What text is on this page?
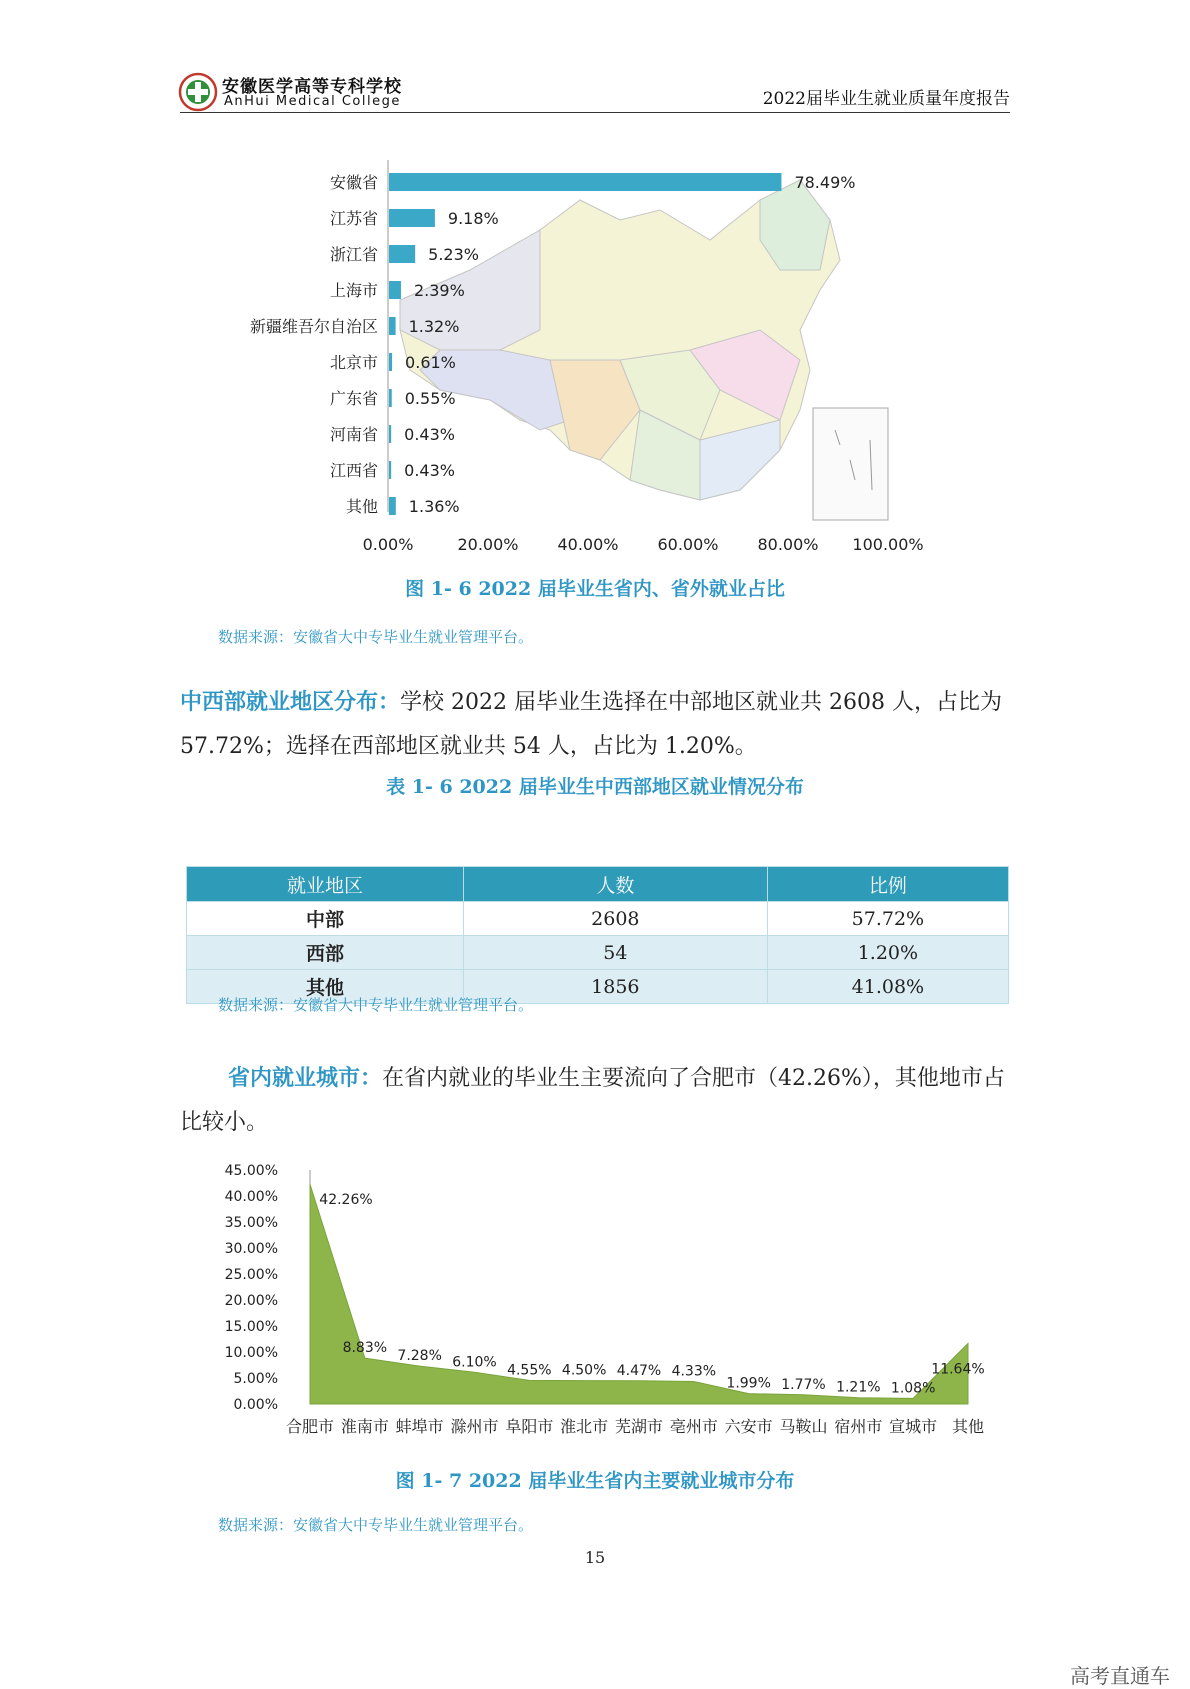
安徽医学高等专科学校
AnHui Medical College	2022届毕业生就业质量年度报告
安徽省
江苏省
浙江省
上海市
新疆维吾尔自治区
北京市
广东省
河南省
江西省
其他
78.49%
9.18%
5.23%
2.39%
1.32%
0.61%
0.55%
0.43%
0.43%
1.36%
0.00%	20.00% 40.00% 60.00% 80.00% 100.00%
图 1- 6 2022 届毕业生省内、省外就业占比
数据来源：安徽省大中专毕业生就业管理平台。
中西部就业地区分布：学校 2022 届毕业生选择在中部地区就业共 2608 人，占比为 57.72%；选择在西部地区就业共 54 人，占比为 1.20%。
表 1- 6 2022 届毕业生中西部地区就业情况分布
就业地区	人数	比例
中部	2608	57.72%
西部	54	1.20%
其他	1856	41.08%
数据来源：安徽省大中专毕业生就业管理平台。
省内就业城市：在省内就业的毕业生主要流向了合肥市（42.26%），其他地市占比较小。
0.00%
5.00%
10.00%
15.00%
20.00%
25.00%
30.00%
35.00%
40.00%
45.00%
42.26%
8.83%
7.28% 6.10%
4.55% 4.50% 4.47% 4.33%
1.99% 1.77% 1.21% 1.08%
11.64%
合肥市 淮南市 蚌埠市 滁州市 阜阳市 淮北市 芜湖市 亳州市 六安市 马鞍山 宿州市 宣城市 其他
图 1- 7 2022 届毕业生省内主要就业城市分布
数据来源：安徽省大中专毕业生就业管理平台。
15
高考直通车
